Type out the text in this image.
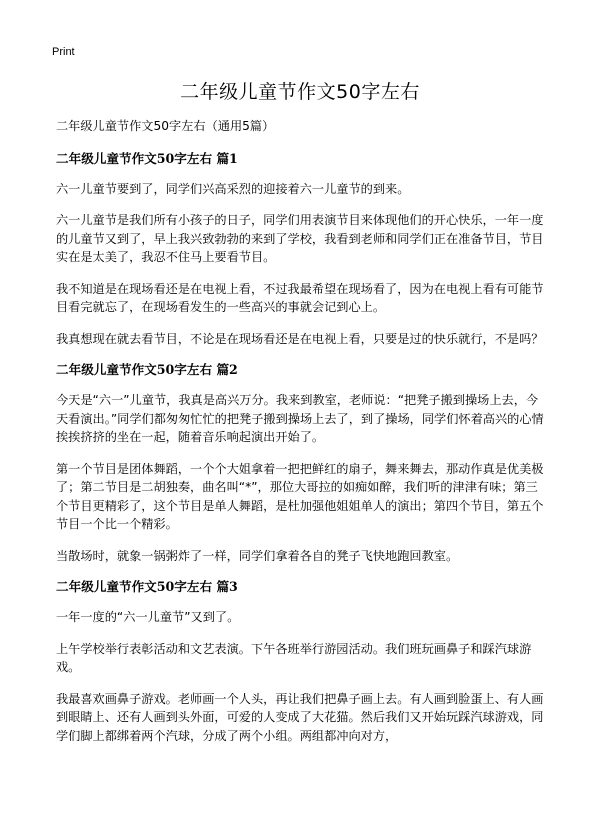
Print
二年级儿童节作文50字左右

二年级儿童节作文50字左右（通用5篇）

二年级儿童节作文50字左右 篇1

六一儿童节要到了，同学们兴高采烈的迎接着六一儿童节的到来。

六一儿童节是我们所有小孩子的日子，同学们用表演节目来体现他们的开心快乐，一年一度的儿童节又到了，早上我兴致勃勃的来到了学校，我看到老师和同学们正在准备节目，节目实在是太美了，我忍不住马上要看节目。

我不知道是在现场看还是在电视上看，不过我最希望在现场看了，因为在电视上看有可能节目看完就忘了，在现场看发生的一些高兴的事就会记到心上。

我真想现在就去看节目，不论是在现场看还是在电视上看，只要是过的快乐就行，不是吗？

二年级儿童节作文50字左右 篇2

今天是“六一”儿童节，我真是高兴万分。我来到教室，老师说：“把凳子搬到操场上去，今天看演出。”同学们都匆匆忙忙的把凳子搬到操场上去了，到了操场，同学们怀着高兴的心情挨挨挤挤的坐在一起，随着音乐响起演出开始了。

第一个节目是团体舞蹈，一个个大姐拿着一把把鲜红的扇子，舞来舞去，那动作真是优美极了；第二节目是二胡独奏，曲名叫“*”，那位大哥拉的如痴如醉，我们听的津津有味；第三个节目更精彩了，这个节目是单人舞蹈，是杜加强他姐姐单人的演出；第四个节目，第五个节目一个比一个精彩。

当散场时，就象一锅粥炸了一样，同学们拿着各自的凳子飞快地跑回教室。

二年级儿童节作文50字左右 篇3

一年一度的“六一儿童节”又到了。

上午学校举行表彰活动和文艺表演。下午各班举行游园活动。我们班玩画鼻子和踩汽球游戏。

我最喜欢画鼻子游戏。老师画一个人头，再让我们把鼻子画上去。有人画到脸蛋上、有人画到眼睛上、还有人画到头外面，可爱的人变成了大花猫。然后我们又开始玩踩汽球游戏，同学们脚上都绑着两个汽球，分成了两个小组。两组都冲向对方，
